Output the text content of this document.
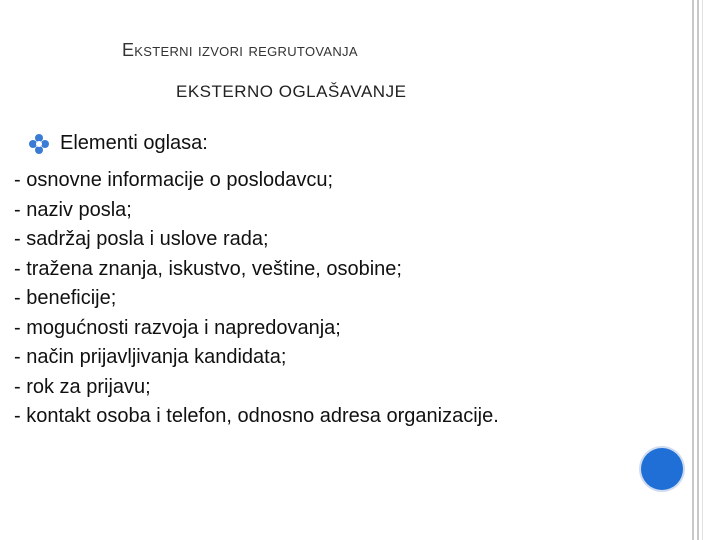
Eksterni izvori regrutovanja
EKSTERNO OGLAŠAVANJE
Elementi oglasa:
- osnovne informacije o poslodavcu;
- naziv posla;
- sadržaj posla i uslove rada;
- tražena znanja, iskustvo, veštine, osobine;
- beneficije;
- mogućnosti razvoja i napredovanja;
- način prijavljivanja kandidata;
- rok za prijavu;
- kontakt osoba i telefon, odnosno adresa organizacije.
